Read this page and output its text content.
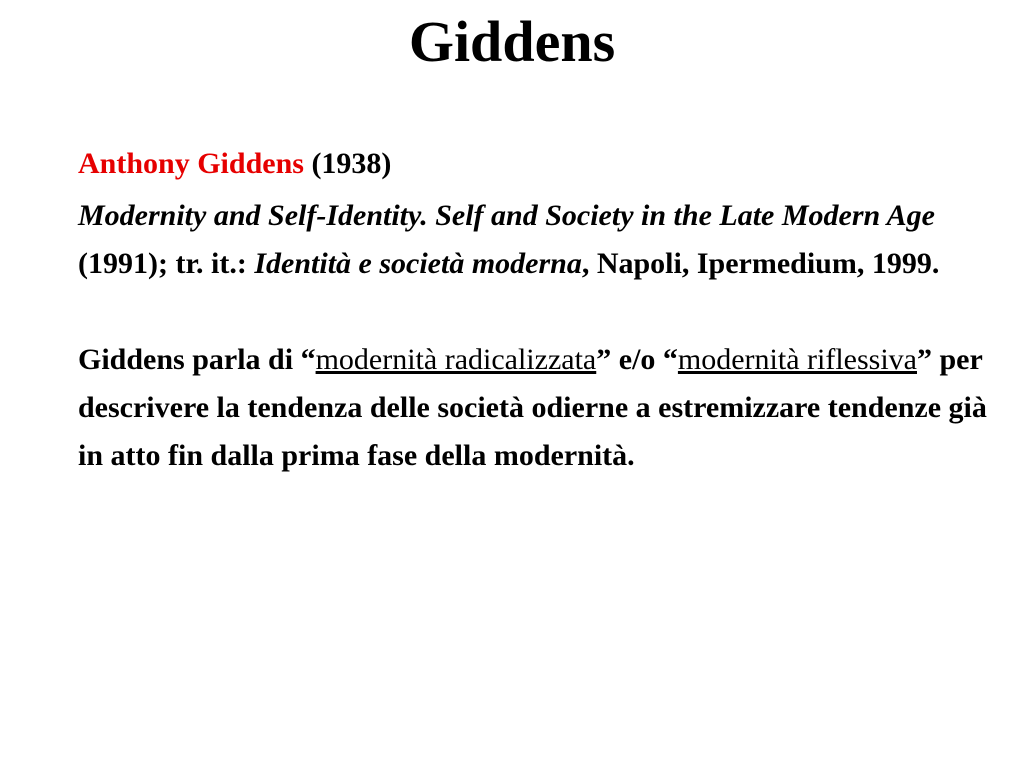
Giddens

Anthony Giddens (1938)

Modernity and Self-Identity. Self and Society in the Late Modern Age (1991); tr. it.: Identità e società moderna, Napoli, Ipermedium, 1999.

Giddens parla di “modernità radicalizzata” e/o “modernità riflessiva” per descrivere la tendenza delle società odierne a estremizzare tendenze già in atto fin dalla prima fase della modernità.
